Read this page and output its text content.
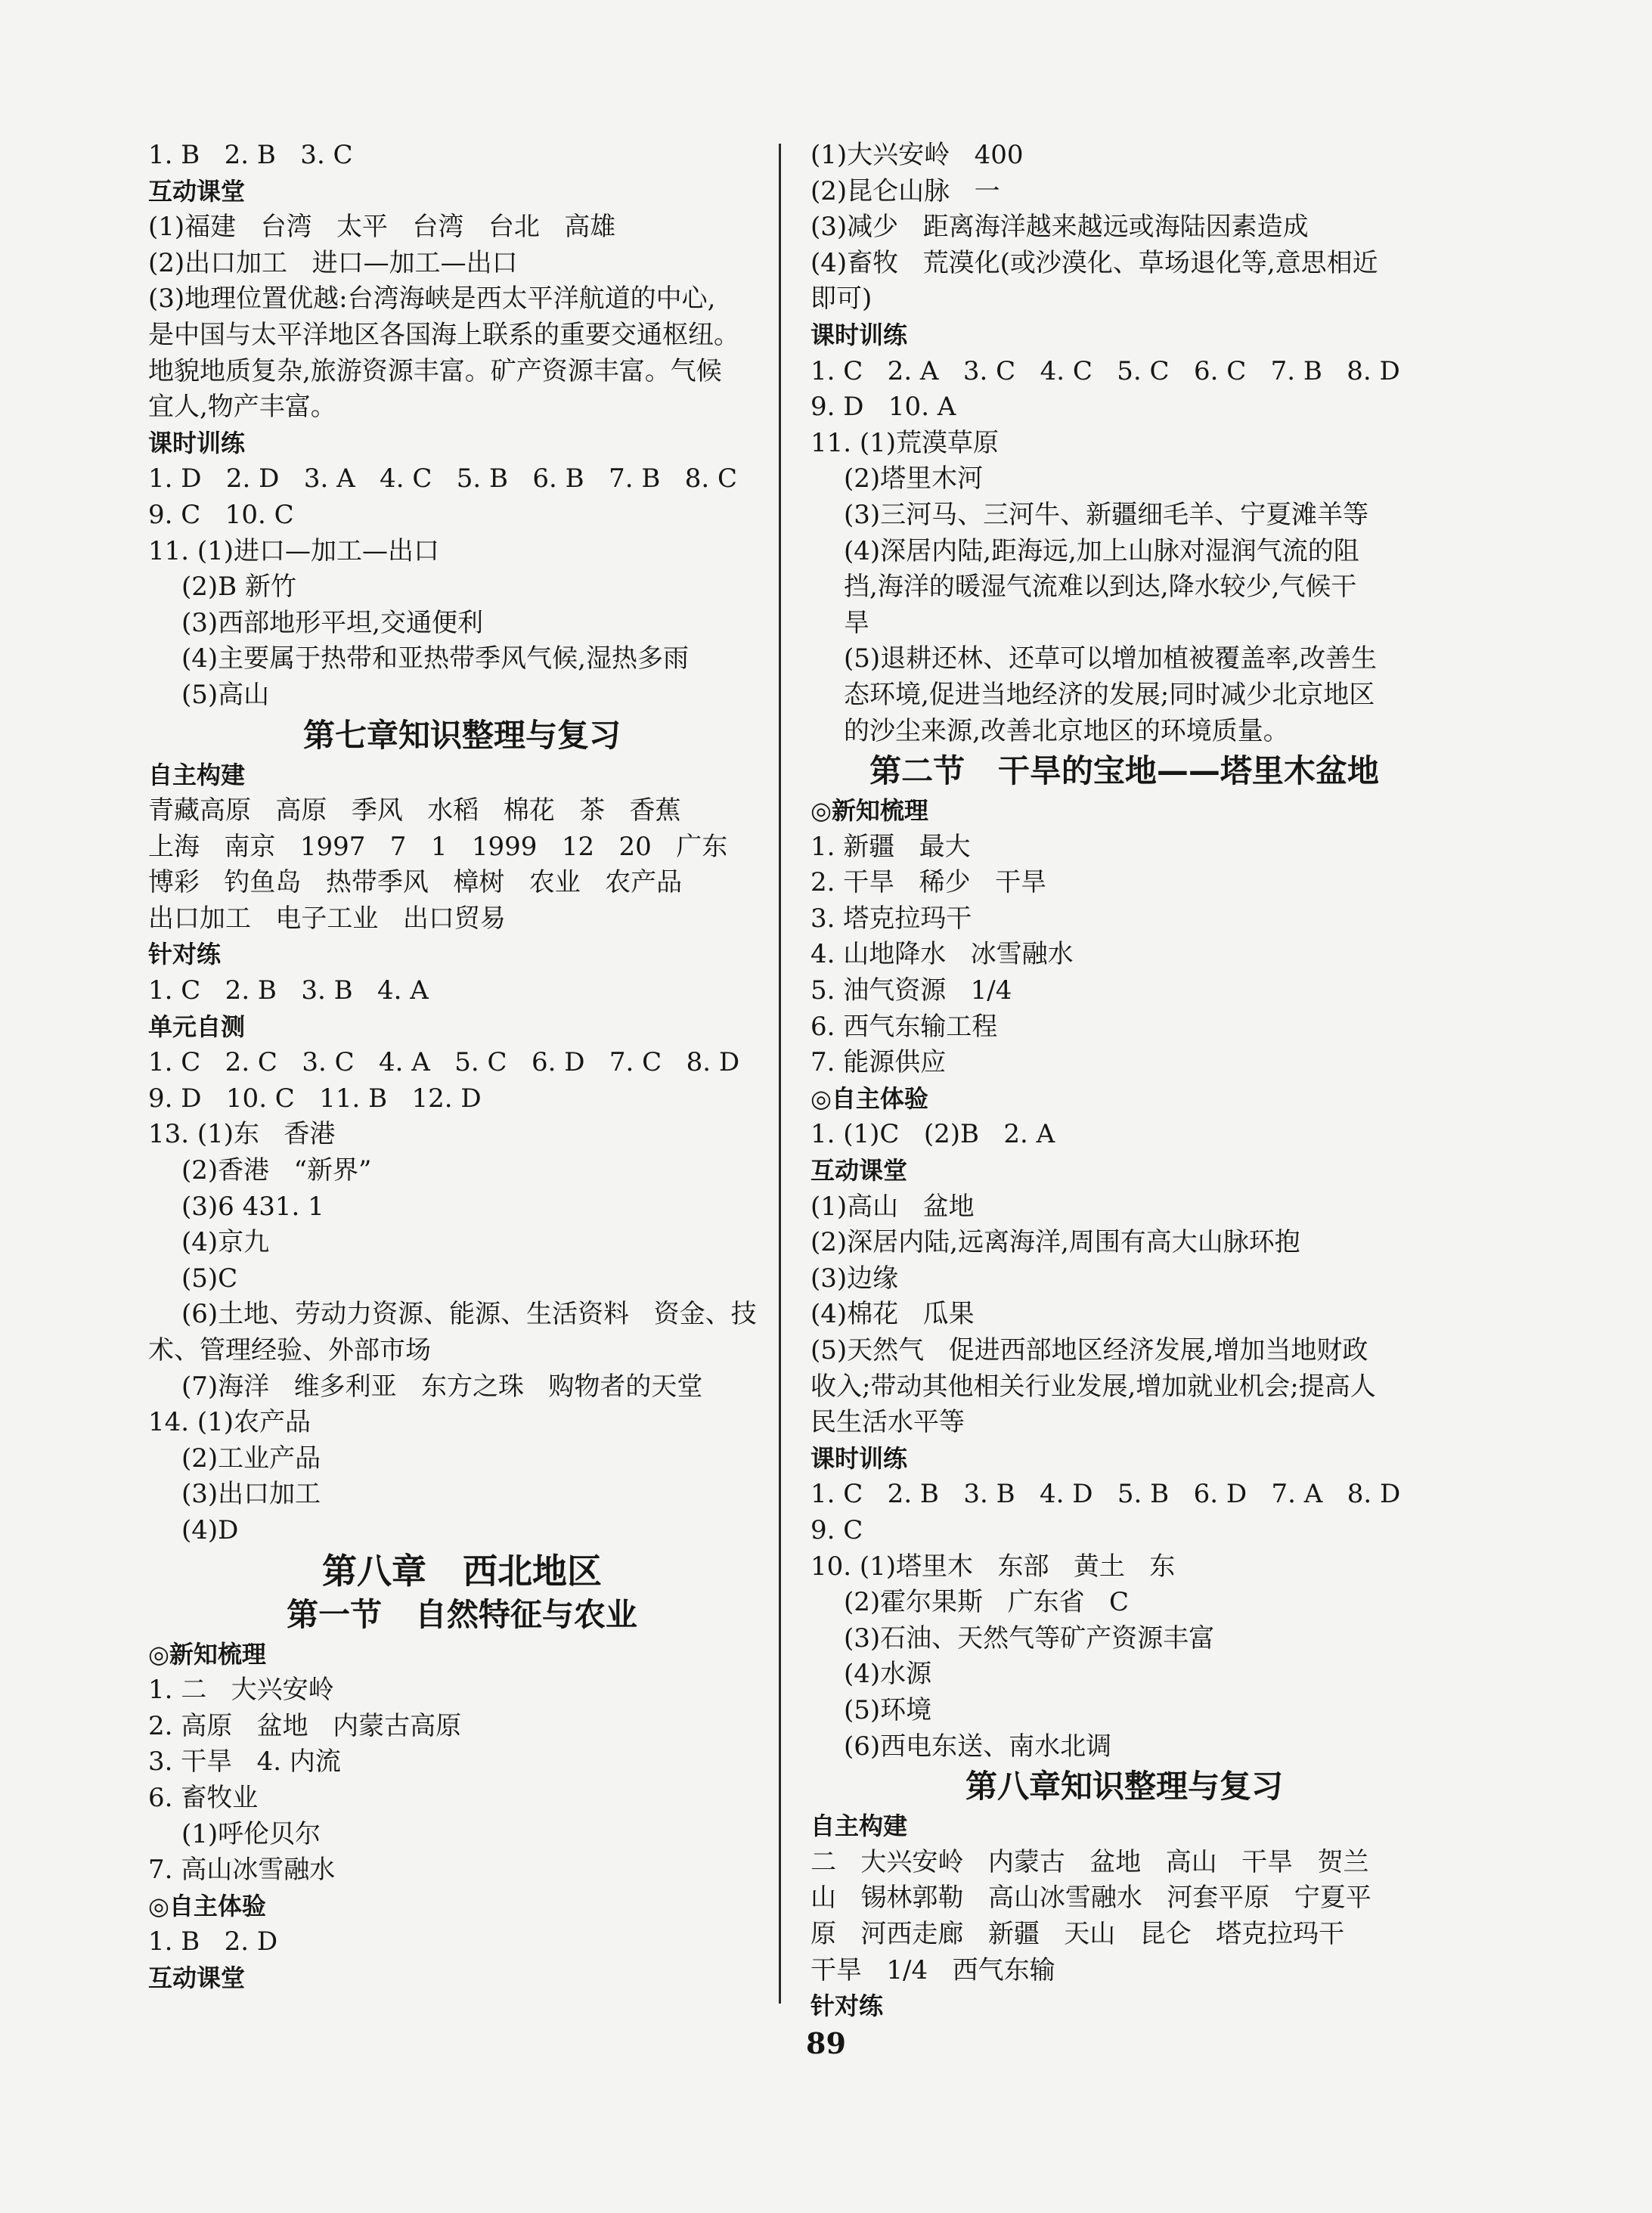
1. B   2. B   3. C
互动课堂
(1)福建   台湾   太平   台湾   台北   高雄
(2)出口加工   进口—加工—出口
(3)地理位置优越:台湾海峡是西太平洋航道的中心,
是中国与太平洋地区各国海上联系的重要交通枢纽。
地貌地质复杂,旅游资源丰富。矿产资源丰富。气候
宜人,物产丰富。
课时训练
1. D   2. D   3. A   4. C   5. B   6. B   7. B   8. C
9. C   10. C
11. (1)进口—加工—出口
(2)B 新竹
(3)西部地形平坦,交通便利
(4)主要属于热带和亚热带季风气候,湿热多雨
(5)高山
第七章知识整理与复习
自主构建
青藏高原   高原   季风   水稻   棉花   茶   香蕉
上海   南京   1997   7   1   1999   12   20   广东
博彩   钓鱼岛   热带季风   樟树   农业   农产品
出口加工   电子工业   出口贸易
针对练
1. C   2. B   3. B   4. A
单元自测
1. C   2. C   3. C   4. A   5. C   6. D   7. C   8. D
9. D   10. C   11. B   12. D
13. (1)东   香港
(2)香港   “新界”
(3)6 431. 1
(4)京九
(5)C
(6)土地、劳动力资源、能源、生活资料   资金、技
术、管理经验、外部市场
(7)海洋   维多利亚   东方之珠   购物者的天堂
14. (1)农产品
(2)工业产品
(3)出口加工
(4)D
第八章   西北地区
第一节   自然特征与农业
◎新知梳理
1. 二   大兴安岭
2. 高原   盆地   内蒙古高原
3. 干旱   4. 内流
6. 畜牧业
(1)呼伦贝尔
7. 高山冰雪融水
◎自主体验
1. B   2. D
互动课堂
(1)大兴安岭   400
(2)昆仑山脉   一
(3)减少   距离海洋越来越远或海陆因素造成
(4)畜牧   荒漠化(或沙漠化、草场退化等,意思相近
即可)
课时训练
1. C   2. A   3. C   4. C   5. C   6. C   7. B   8. D
9. D   10. A
11. (1)荒漠草原
(2)塔里木河
(3)三河马、三河牛、新疆细毛羊、宁夏滩羊等
(4)深居内陆,距海远,加上山脉对湿润气流的阻
挡,海洋的暖湿气流难以到达,降水较少,气候干
旱
(5)退耕还林、还草可以增加植被覆盖率,改善生
态环境,促进当地经济的发展;同时减少北京地区
的沙尘来源,改善北京地区的环境质量。
第二节   干旱的宝地——塔里木盆地
◎新知梳理
1. 新疆   最大
2. 干旱   稀少   干旱
3. 塔克拉玛干
4. 山地降水   冰雪融水
5. 油气资源   1/4
6. 西气东输工程
7. 能源供应
◎自主体验
1. (1)C   (2)B   2. A
互动课堂
(1)高山   盆地
(2)深居内陆,远离海洋,周围有高大山脉环抱
(3)边缘
(4)棉花   瓜果
(5)天然气   促进西部地区经济发展,增加当地财政
收入;带动其他相关行业发展,增加就业机会;提高人
民生活水平等
课时训练
1. C   2. B   3. B   4. D   5. B   6. D   7. A   8. D
9. C
10. (1)塔里木   东部   黄土   东
(2)霍尔果斯   广东省   C
(3)石油、天然气等矿产资源丰富
(4)水源
(5)环境
(6)西电东送、南水北调
第八章知识整理与复习
自主构建
二   大兴安岭   内蒙古   盆地   高山   干旱   贺兰
山   锡林郭勒   高山冰雪融水   河套平原   宁夏平
原   河西走廊   新疆   天山   昆仑   塔克拉玛干
干旱   1/4   西气东输
针对练
89
